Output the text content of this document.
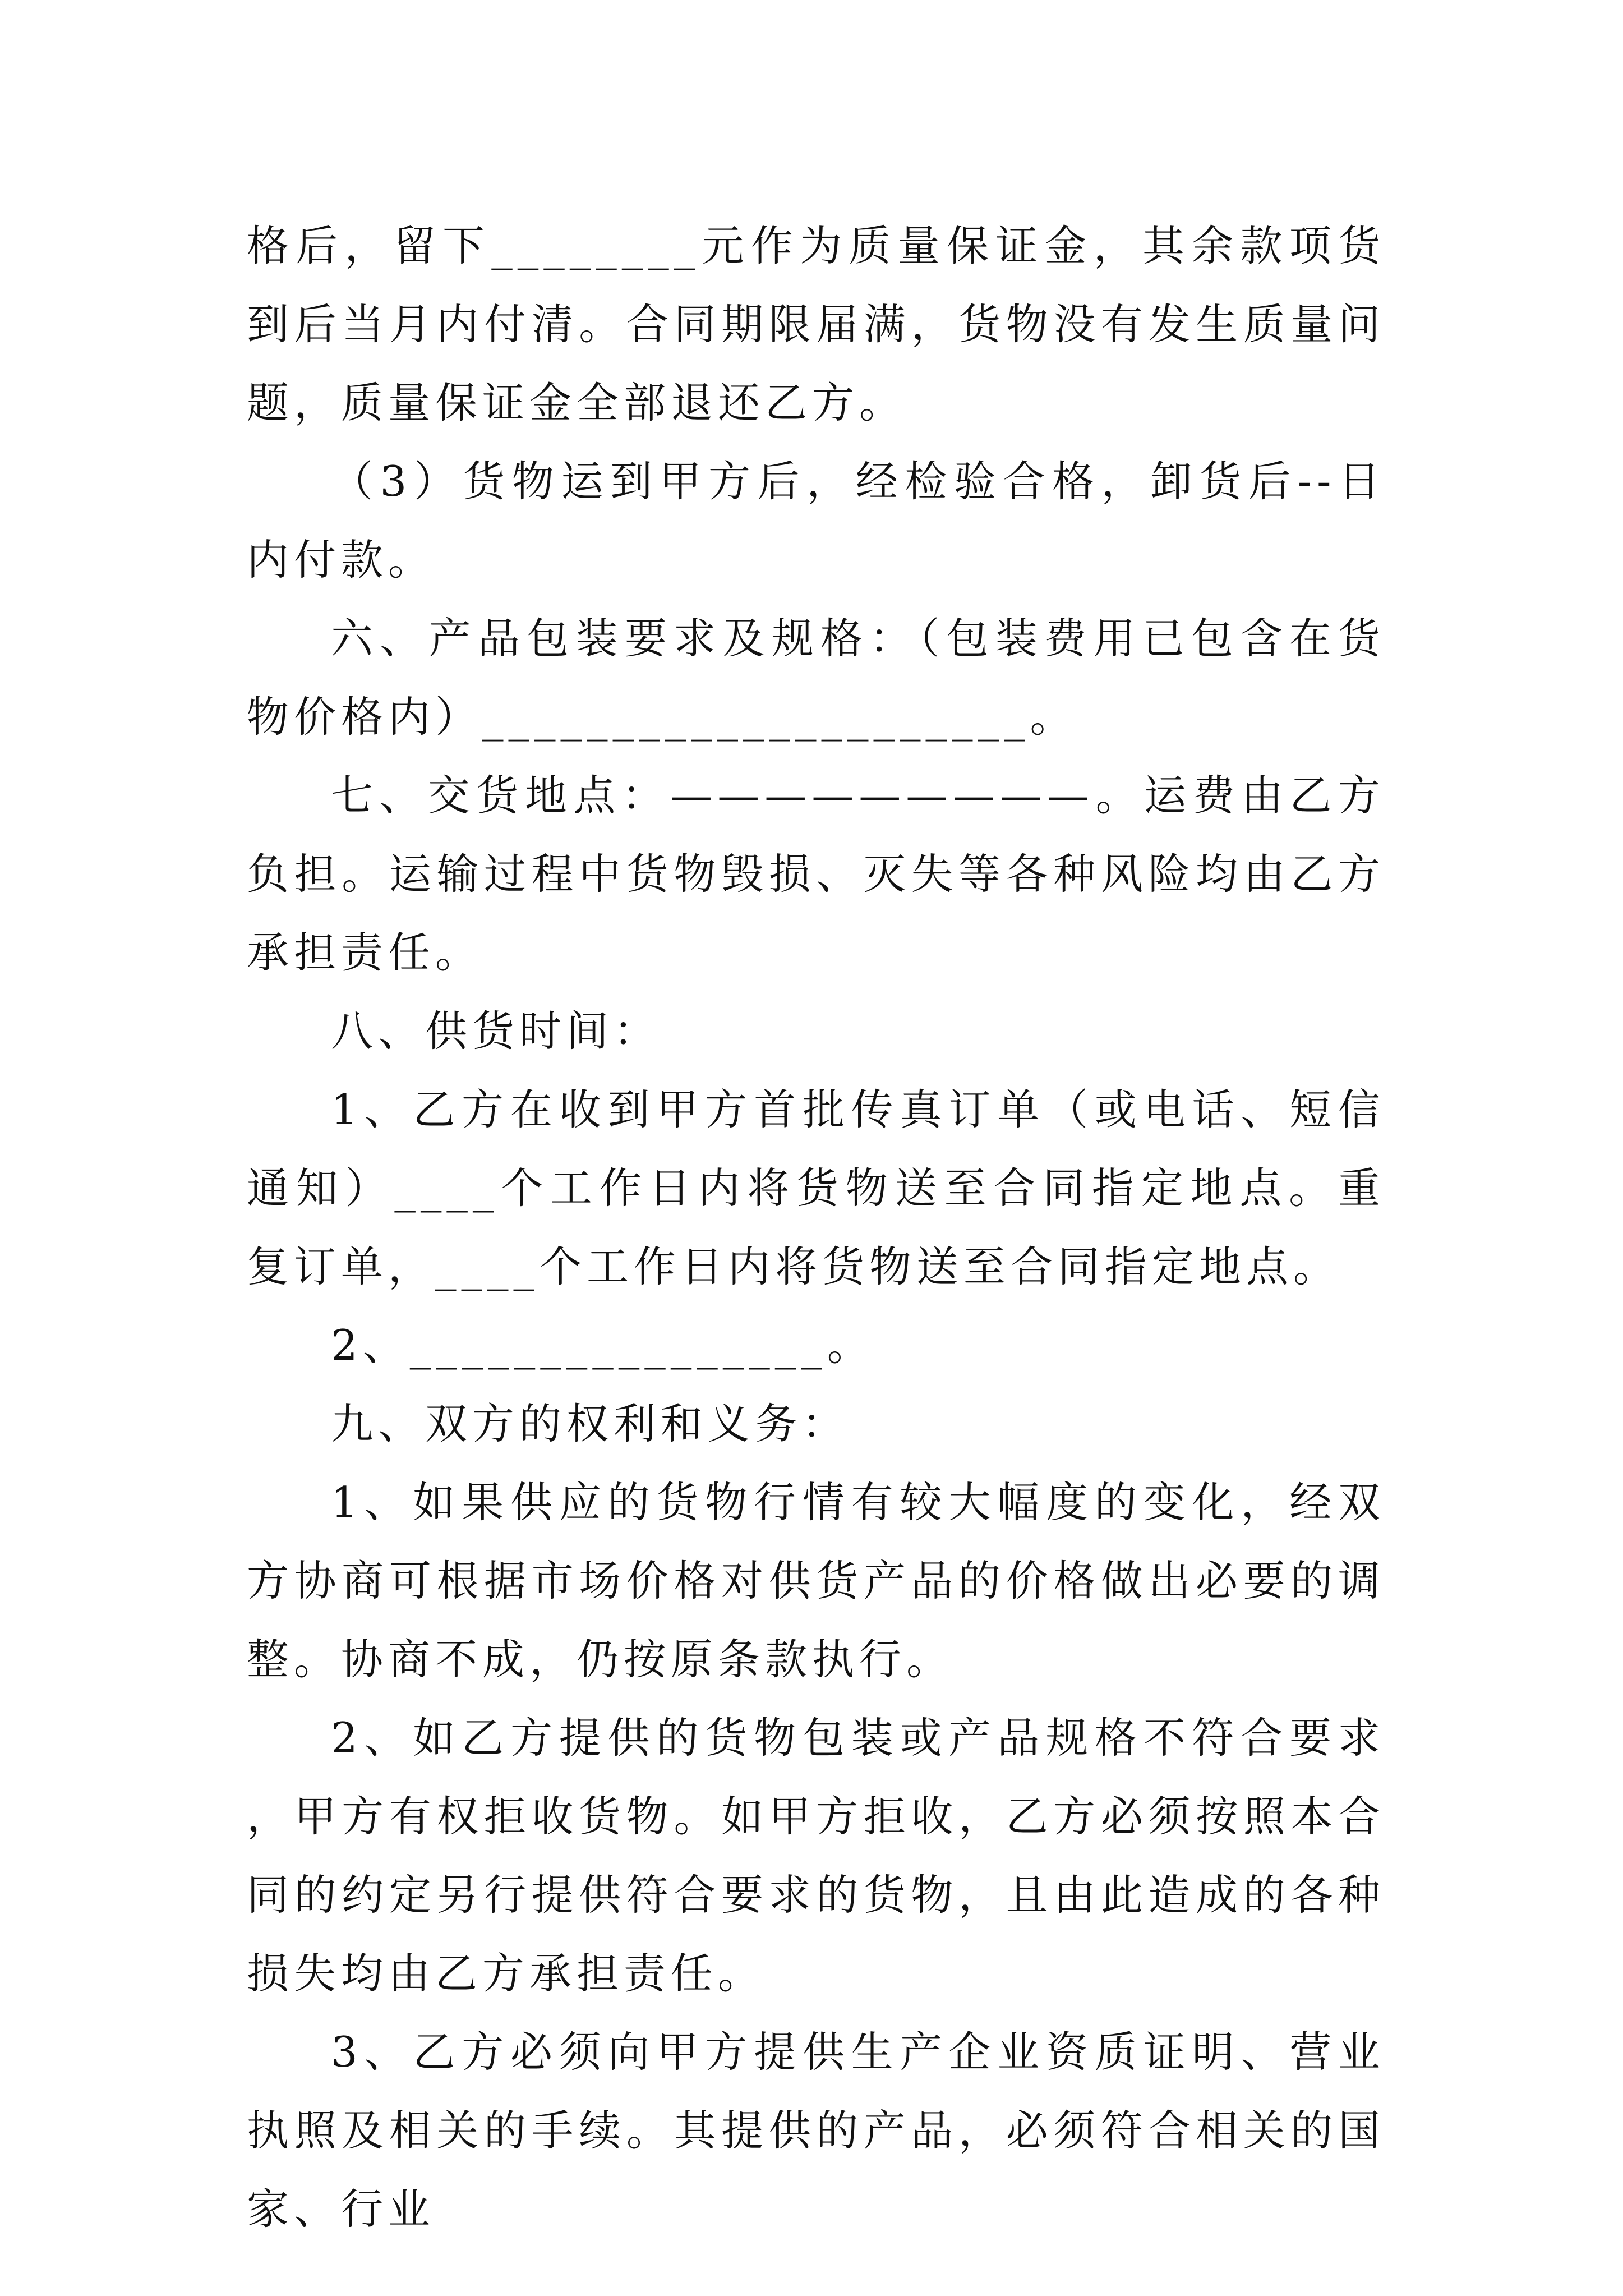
格后，留下________元作为质量保证金，其余款项货到后当月内付清。合同期限届满，货物没有发生质量问题，质量保证金全部退还乙方。

（3）货物运到甲方后，经检验合格，卸货后--日内付款。

六、产品包装要求及规格：（包装费用已包含在货物价格内）_____________________。

七、交货地点：—————————。运费由乙方负担。运输过程中货物毁损、灭失等各种风险均由乙方承担责任。

八、供货时间：

1、乙方在收到甲方首批传真订单（或电话、短信通知）____个工作日内将货物送至合同指定地点。重复订单，____个工作日内将货物送至合同指定地点。

2、________________。

九、双方的权利和义务：

1、如果供应的货物行情有较大幅度的变化，经双方协商可根据市场价格对供货产品的价格做出必要的调整。协商不成，仍按原条款执行。

2、如乙方提供的货物包装或产品规格不符合要求，甲方有权拒收货物。如甲方拒收，乙方必须按照本合同的约定另行提供符合要求的货物，且由此造成的各种损失均由乙方承担责任。

3、乙方必须向甲方提供生产企业资质证明、营业执照及相关的手续。其提供的产品，必须符合相关的国家、行业
